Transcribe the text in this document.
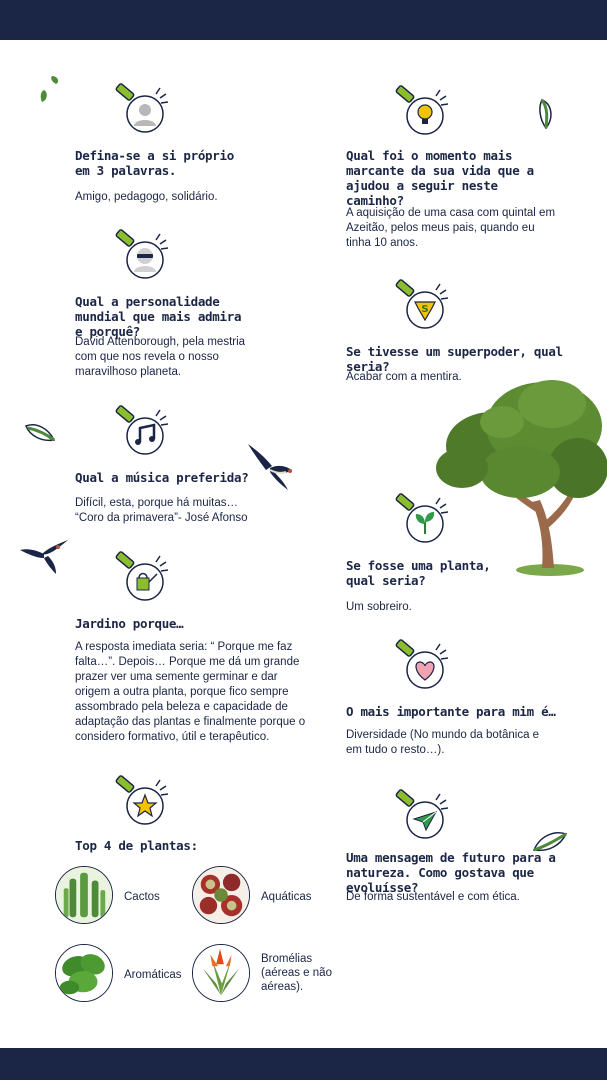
Defina-se a si próprio em 3 palavras.
Amigo, pedagogo, solidário.
Qual a personalidade mundial que mais admira e porquê?
David Attenborough, pela mestria com que nos revela o nosso maravilhoso planeta.
Qual a música preferida?
Difícil, esta, porque há muitas… “Coro da primavera”- José Afonso
Jardino porque…
A resposta imediata seria: “ Porque me faz falta…”. Depois… Porque me dá um grande prazer ver uma semente germinar e dar origem a outra planta, porque fico sempre assombrado pela beleza e capacidade de adaptação das plantas e finalmente porque o considero formativo, útil e terapêutico.
Top 4 de plantas:
Cactos	Aquáticas
Aromáticas
Bromélias (aéreas e não aéreas).
Qual foi o momento mais marcante da sua vida que a ajudou a seguir neste caminho?
A aquisição de uma casa com quintal em Azeitão, pelos meus pais, quando eu tinha 10 anos.
S
Se tivesse um superpoder, qual seria?
Acabar com a mentira.
Se fosse uma planta, qual seria?
Um sobreiro.
O mais importante para mim é…
Diversidade (No mundo da botânica e em tudo o resto…).
Uma mensagem de futuro para a natureza. Como gostava que evoluísse?
De forma sustentável e com ética.
